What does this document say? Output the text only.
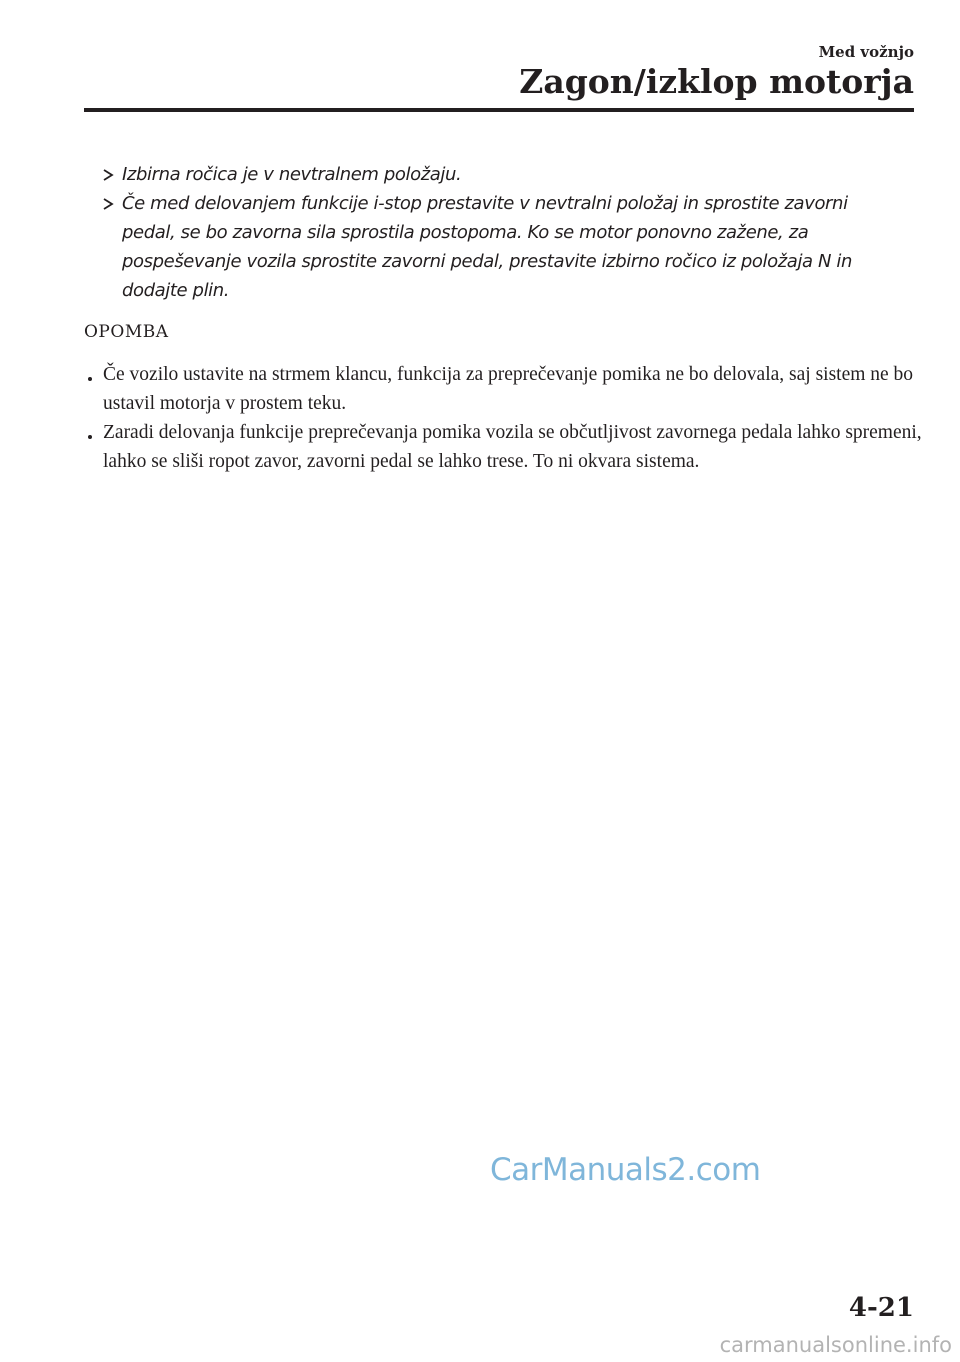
Med vožnjo
Zagon/izklop motorja
Izbirna ročica je v nevtralnem položaju.
Če med delovanjem funkcije i-stop prestavite v nevtralni položaj in sprostite zavorni pedal, se bo zavorna sila sprostila postopoma. Ko se motor ponovno zažene, za pospeševanje vozila sprostite zavorni pedal, prestavite izbirno ročico iz položaja N in dodajte plin.
OPOMBA
Če vozilo ustavite na strmem klancu, funkcija za preprečevanje pomika ne bo delovala, saj sistem ne bo ustavil motorja v prostem teku.
Zaradi delovanja funkcije preprečevanja pomika vozila se občutljivost zavornega pedala lahko spremeni, lahko se sliši ropot zavor, zavorni pedal se lahko trese. To ni okvara sistema.
CarManuals2.com
4-21
carmanualsonline.info
